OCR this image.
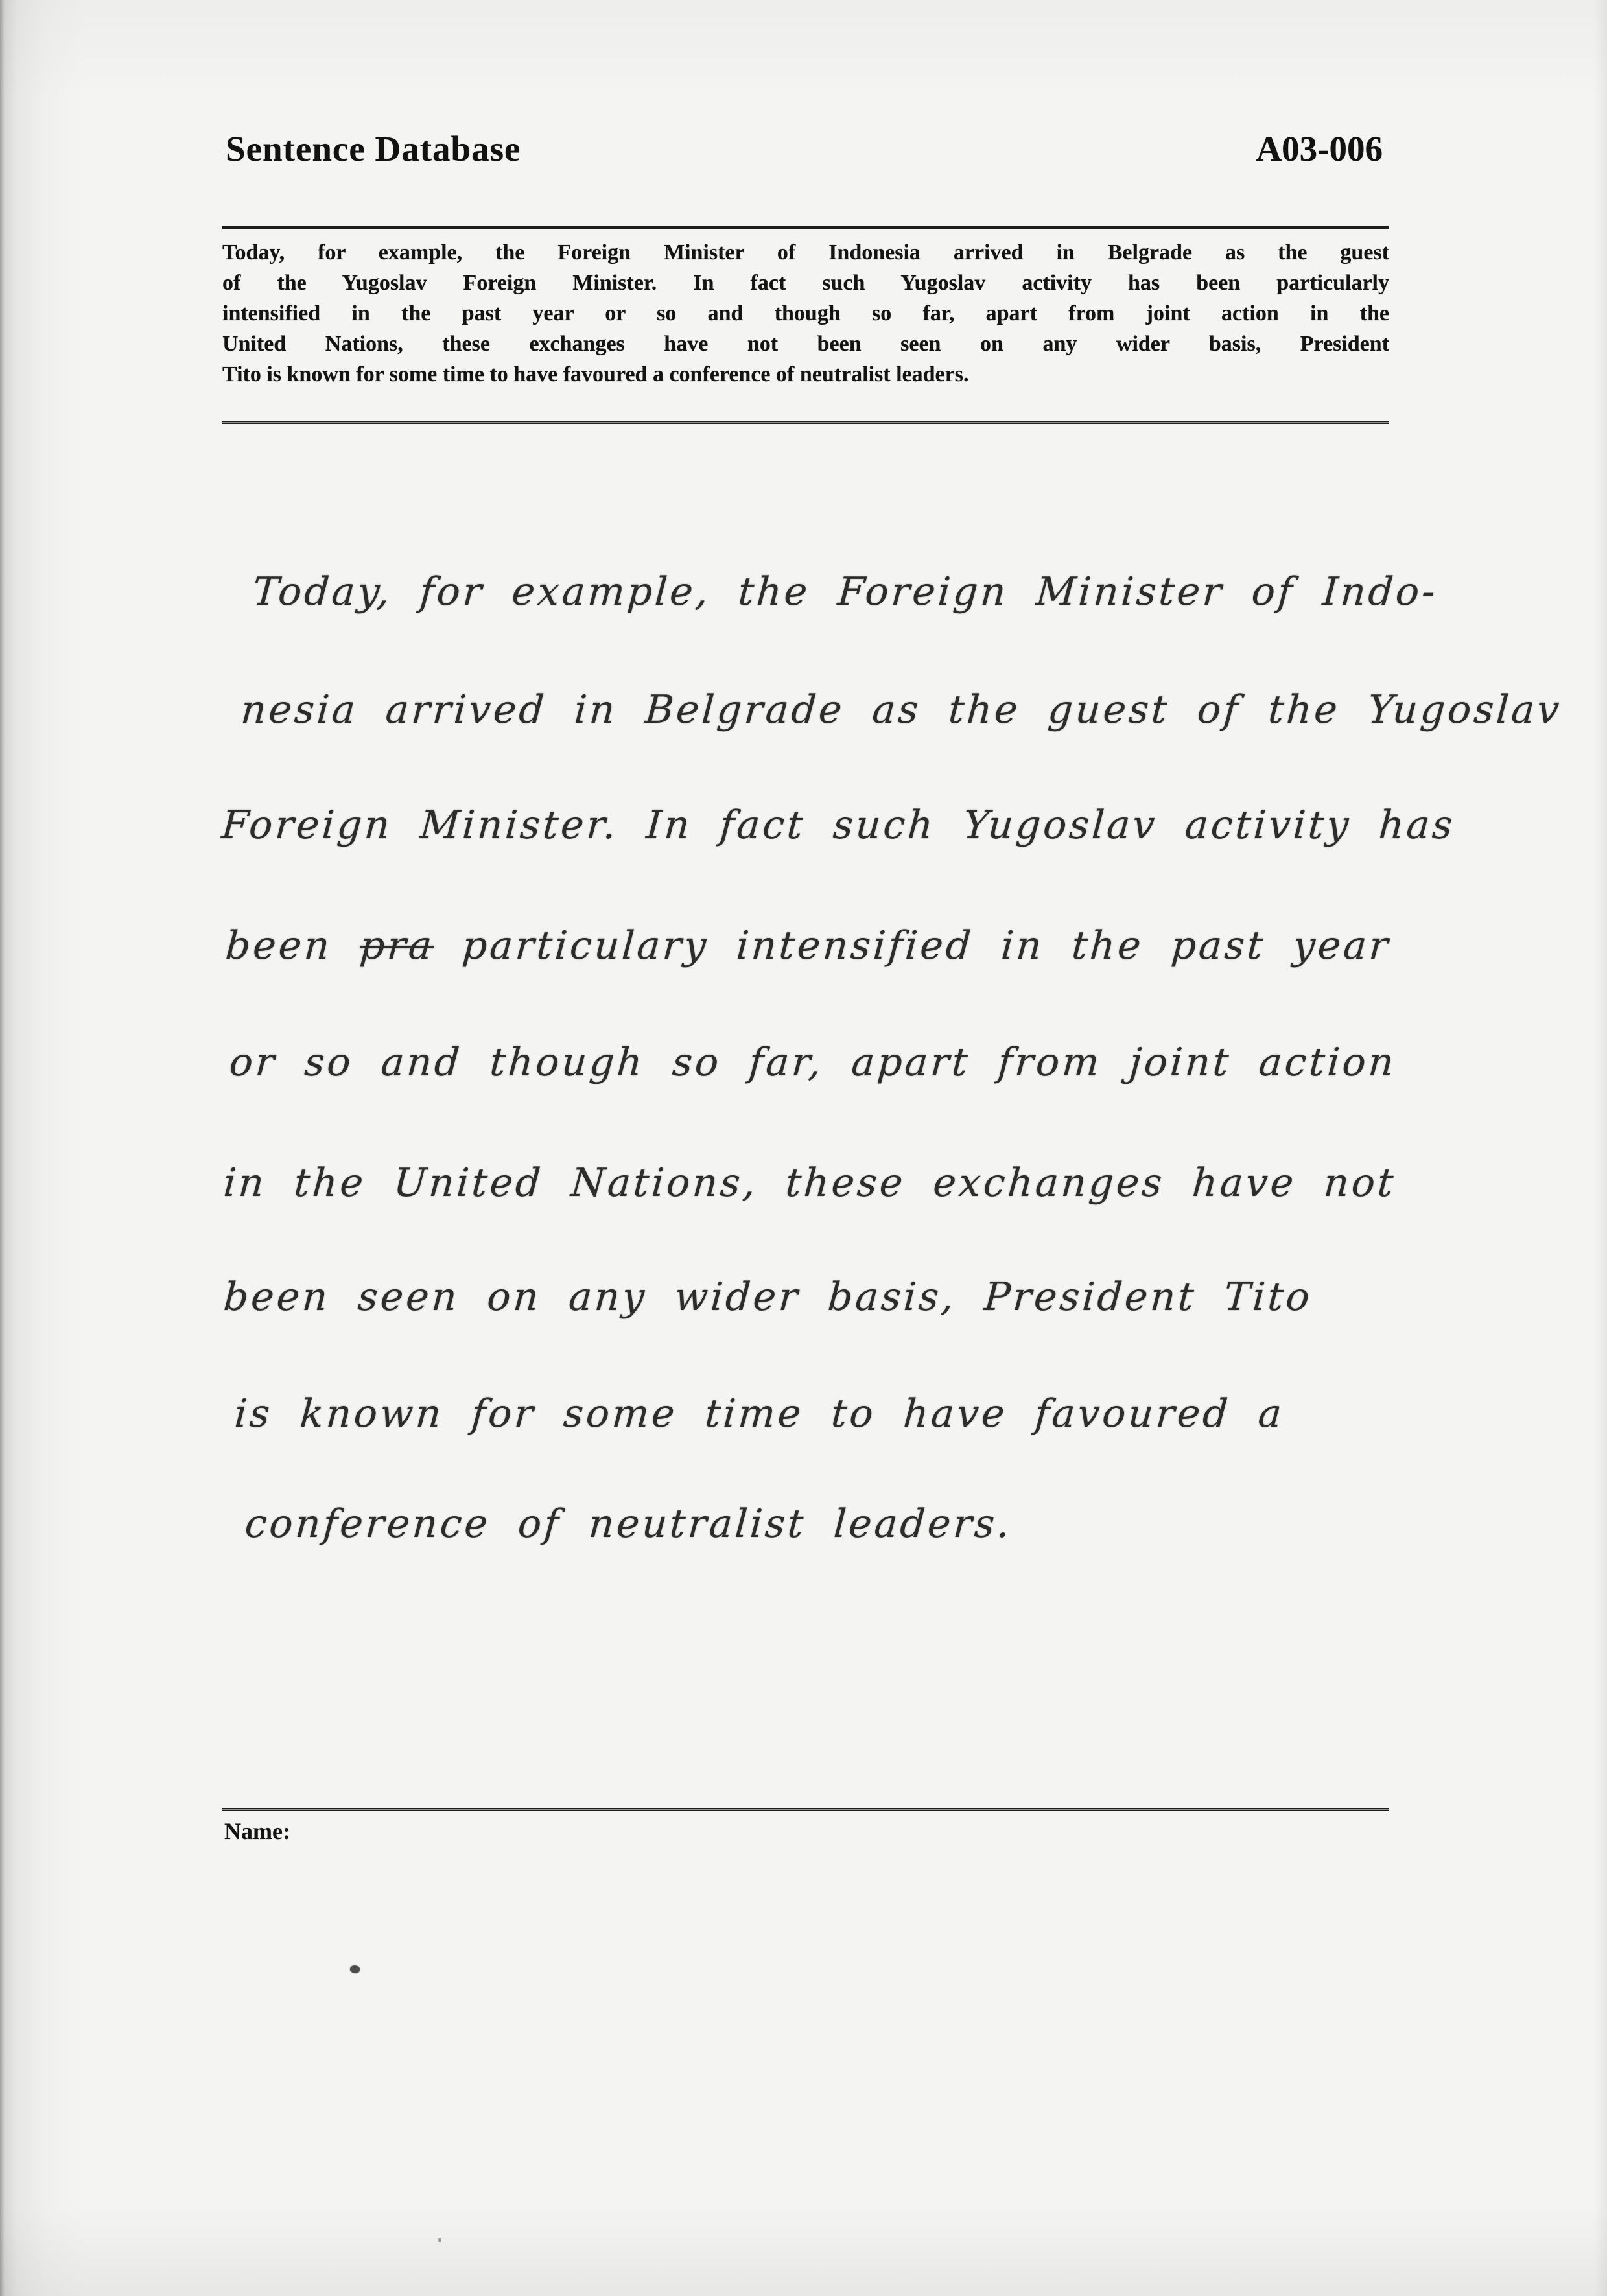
Sentence Database	A03-006
Today, for example, the Foreign Minister of Indonesia arrived in Belgrade as the guest
of the Yugoslav Foreign Minister. In fact such Yugoslav activity has been particularly
intensified in the past year or so and though so far, apart from joint action in the
United Nations, these exchanges have not been seen on any wider basis, President
Tito is known for some time to have favoured a conference of neutralist leaders.
Today, for example, the Foreign Minister of Indo-
nesia arrived in Belgrade as the guest of the Yugoslav
Foreign Minister. In fact such Yugoslav activity has
been pra particulary intensified in the past year
or so and though so far, apart from joint action
in the United Nations, these exchanges have not
been seen on any wider basis, President Tito
is known for some time to have favoured a
conference of neutralist leaders.
Name:
